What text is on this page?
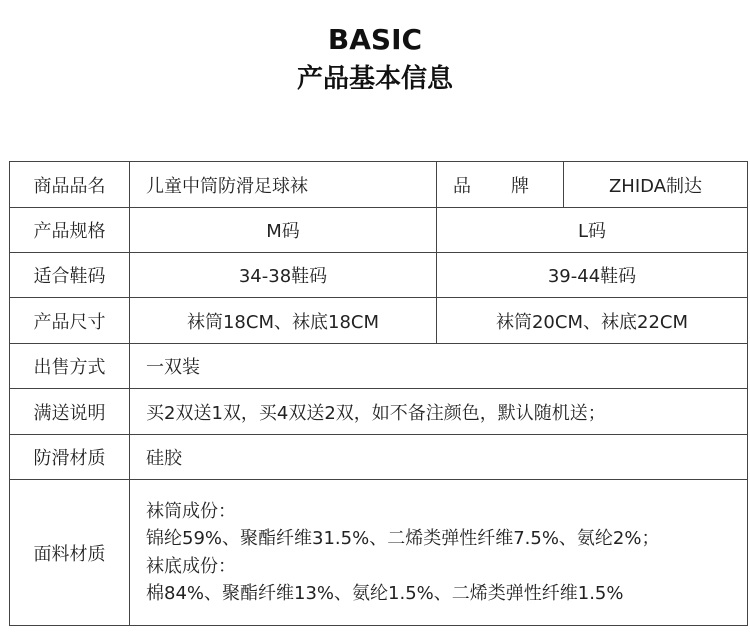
BASIC
产品基本信息
商品品名	儿童中筒防滑足球袜	品 牌	ZHIDA制达
产品规格	M码	L码	
适合鞋码	34-38鞋码	39-44鞋码	
产品尺寸	袜筒18CM、袜底18CM	袜筒20CM、袜底22CM	
出售方式	一双装		
满送说明	买2双送1双，买4双送2双，如不备注颜色，默认随机送；		
防滑材质	硅胶		
面料材质	袜筒成份：
锦纶59%、聚酯纤维31.5%、二烯类弹性纤维7.5%、氨纶2%；
袜底成份：
棉84%、聚酯纤维13%、氨纶1.5%、二烯类弹性纤维1.5%		
